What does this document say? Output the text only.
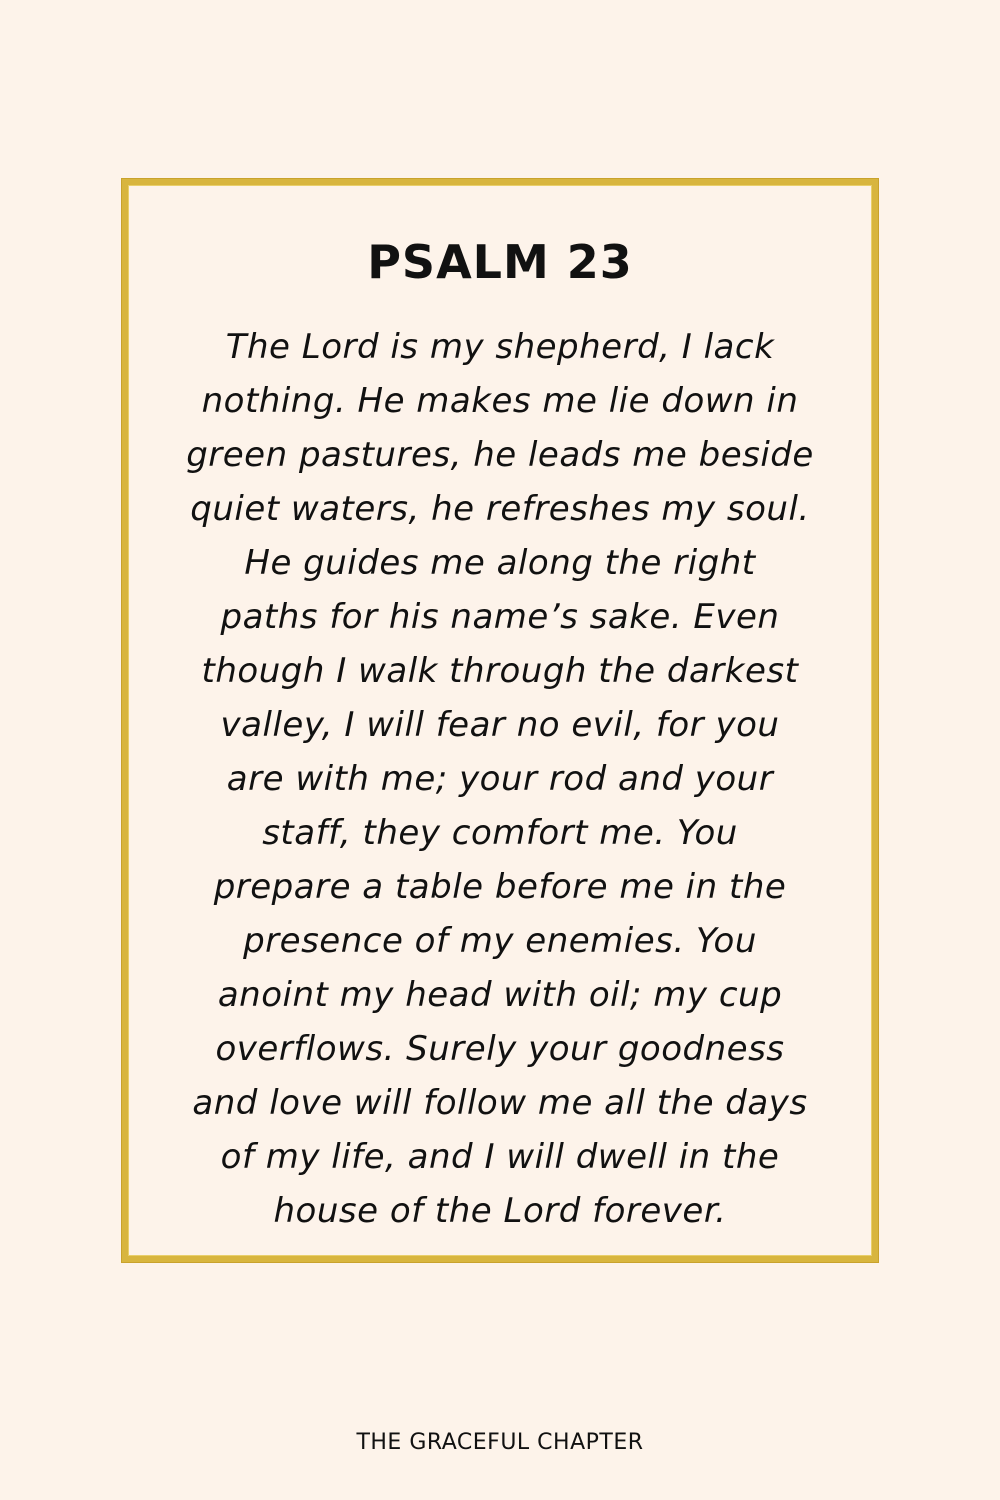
PSALM 23
The Lord is my shepherd, I lack
nothing. He makes me lie down in
green pastures, he leads me beside
quiet waters, he refreshes my soul.
He guides me along the right
paths for his name’s sake. Even
though I walk through the darkest
valley, I will fear no evil, for you
are with me; your rod and your
staff, they comfort me. You
prepare a table before me in the
presence of my enemies. You
anoint my head with oil; my cup
overflows. Surely your goodness
and love will follow me all the days
of my life, and I will dwell in the
house of the Lord forever.
THE GRACEFUL CHAPTER
